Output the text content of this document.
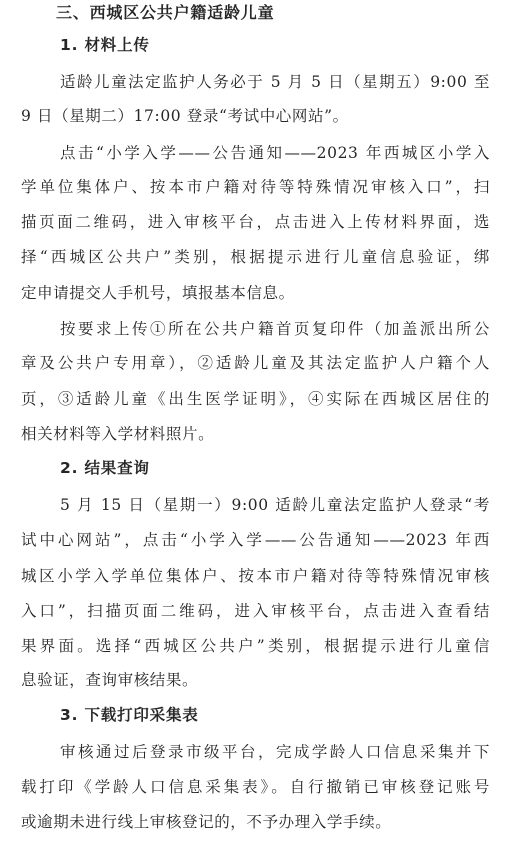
三、西城区公共户籍适龄儿童
1. 材料上传
适龄儿童法定监护人务必于 5 月 5 日（星期五）9:00 至
9 日（星期二）17:00 登录“考试中心网站”。
点击“小学入学——公告通知——2023 年西城区小学入
学单位集体户、按本市户籍对待等特殊情况审核入口”，扫
描页面二维码，进入审核平台，点击进入上传材料界面，选
择“西城区公共户”类别，根据提示进行儿童信息验证，绑
定申请提交人手机号，填报基本信息。
按要求上传①所在公共户籍首页复印件（加盖派出所公
章及公共户专用章），②适龄儿童及其法定监护人户籍个人
页，③适龄儿童《出生医学证明》，④实际在西城区居住的
相关材料等入学材料照片。
2. 结果查询
5 月 15 日（星期一）9:00 适龄儿童法定监护人登录“考
试中心网站”，点击“小学入学——公告通知——2023 年西
城区小学入学单位集体户、按本市户籍对待等特殊情况审核
入口”，扫描页面二维码，进入审核平台，点击进入查看结
果界面。选择“西城区公共户”类别，根据提示进行儿童信
息验证，查询审核结果。
3. 下载打印采集表
审核通过后登录市级平台，完成学龄人口信息采集并下
载打印《学龄人口信息采集表》。自行撤销已审核登记账号
或逾期未进行线上审核登记的，不予办理入学手续。
